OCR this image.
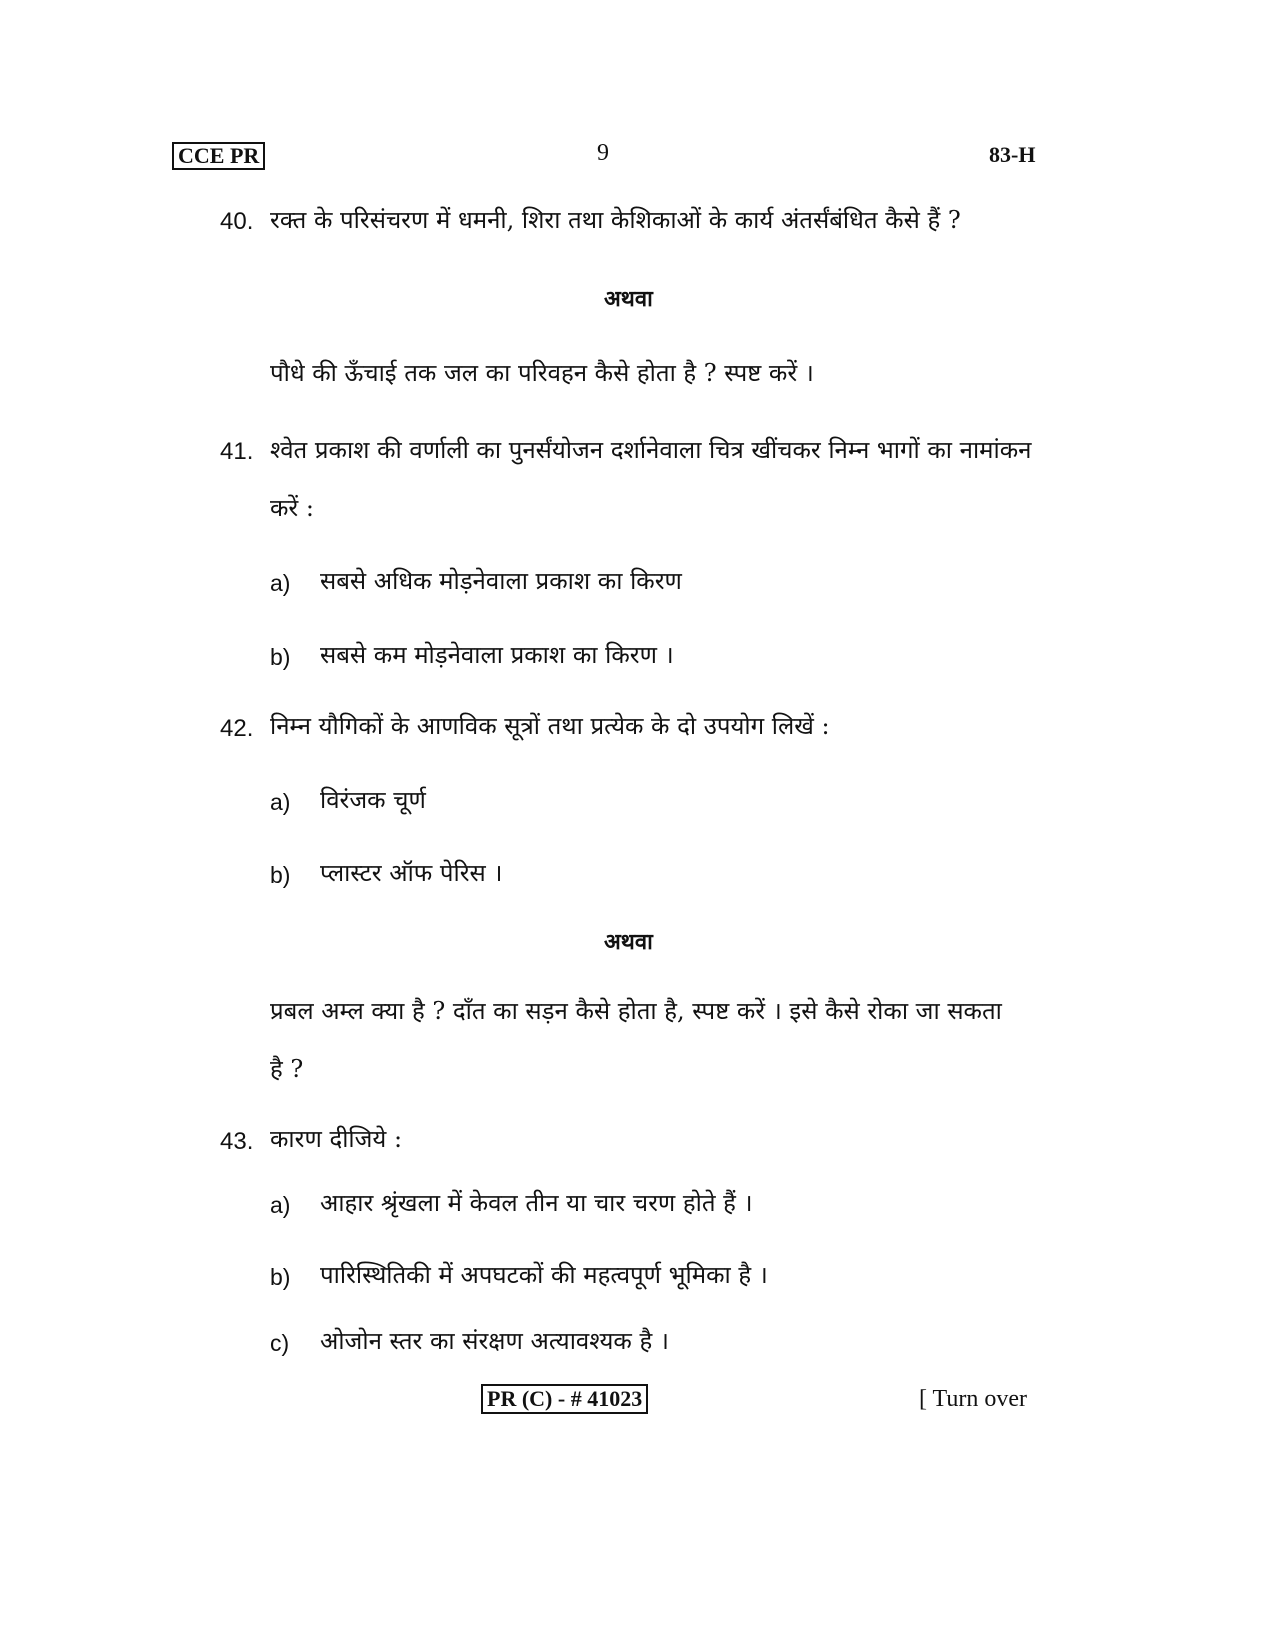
CCE PR	9	83-H
40. रक्त के परिसंचरण में धमनी, शिरा तथा केशिकाओं के कार्य अंतर्संबंधित कैसे हैं ?
अथवा
पौधे की ऊँचाई तक जल का परिवहन कैसे होता है ? स्पष्ट करें ।
41. श्वेत प्रकाश की वर्णाली का पुनर्संयोजन दर्शानेवाला चित्र खींचकर निम्न भागों का नामांकन
करें :
a) सबसे अधिक मोड़नेवाला प्रकाश का किरण
b) सबसे कम मोड़नेवाला प्रकाश का किरण ।
42. निम्न यौगिकों के आणविक सूत्रों तथा प्रत्येक के दो उपयोग लिखें :
a) विरंजक चूर्ण
b) प्लास्टर ऑफ पेरिस ।
अथवा
प्रबल अम्ल क्या है ? दाँत का सड़न कैसे होता है, स्पष्ट करें । इसे कैसे रोका जा सकता
है ?
43. कारण दीजिये :
a) आहार श्रृंखला में केवल तीन या चार चरण होते हैं ।
b) पारिस्थितिकी में अपघटकों की महत्वपूर्ण भूमिका है ।
c) ओजोन स्तर का संरक्षण अत्यावश्यक है ।
PR (C) - # 41023	[ Turn over
